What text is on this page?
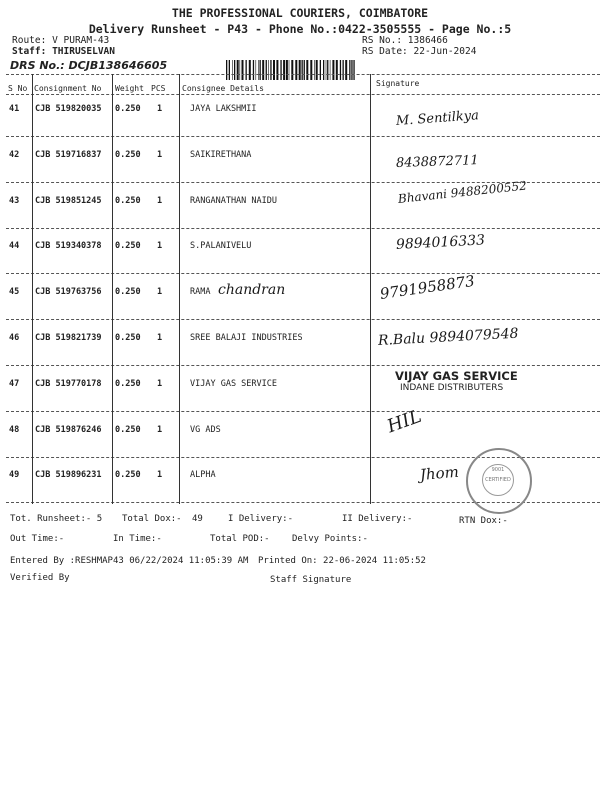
THE PROFESSIONAL COURIERS, COIMBATORE
Delivery Runsheet - P43 - Phone No.:0422-3505555 - Page No.:5
Route: V PURAM-43
Staff: THIRUSELVAN
RS No.: 1386466
RS Date: 22-Jun-2024
DRS No.: DCJB138646605
S No Consignment No Weight PCS Consignee Details
Signature
41 CJB 519820035 0.250 1	JAYA LAKSHMII	M. Sentilkya
42 CJB 519716837 0.250 1	SAIKIRETHANA	8438872711
43 CJB 519851245 0.250 1	RANGANATHAN NAIDU	Bhavani 9488200552
44 CJB 519340378 0.250 1	S.PALANIVELU	9894016333
45 CJB 519763756 0.250 1	RAMA chandran	9791958873
46 CJB 519821739 0.250 1	SREE BALAJI INDUSTRIES	R.Balu 9894079548
47 CJB 519770178 0.250 1	VIJAY GAS SERVICE
VIJAY GAS SERVICE
INDANE DISTRIBUTERS
48 CJB 519876246 0.250 1	VG ADS	HIL
49 CJB 519896231 0.250 1	ALPHA	Jhom	9001 CERTIFIED
Tot. Runsheet:- 5 Total Dox:- 49	I Delivery:-	II Delivery:-	RTN Dox:-
Out Time:-	In Time:-	Total POD:- Delvy Points:-
Entered By :RESHMAP43 06/22/2024 11:05:39 AM Printed On: 22-06-2024 11:05:52
Verified By	Staff Signature
